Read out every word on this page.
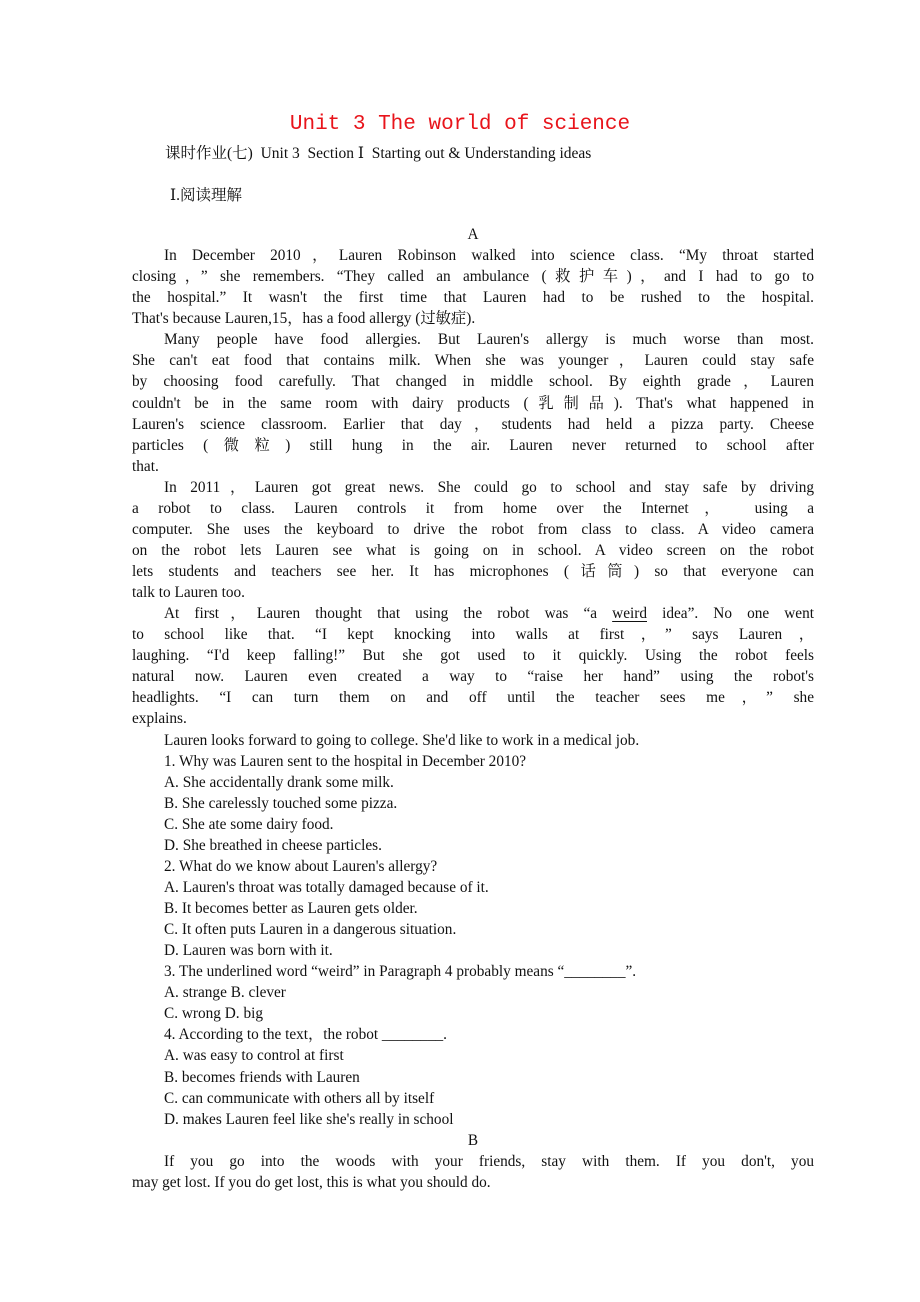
Unit 3 The world of science
课时作业(七)  Unit 3  Section Ⅰ  Starting out & Understanding ideas
Ⅰ.阅读理解
A
In December 2010，Lauren Robinson walked into science class. “My throat started
closing，” she remembers. “They called an ambulance (救护车)，and I had to go to
the hospital.” It wasn't the first time that Lauren had to be rushed to the hospital.
That's because Lauren,15，has a food allergy (过敏症).
Many people have food allergies. But Lauren's allergy is much worse than most.
She can't eat food that contains milk. When she was younger，Lauren could stay safe
by choosing food carefully. That changed in middle school. By eighth grade，Lauren
couldn't be in the same room with dairy products (乳制品). That's what happened in
Lauren's science classroom. Earlier that day，students had held a pizza party. Cheese
particles (微粒) still hung in the air. Lauren never returned to school after
that.
In 2011，Lauren got great news. She could go to school and stay safe by driving
a robot to class. Lauren controls it from home over the Internet， using a
computer. She uses the keyboard to drive the robot from class to class. A video camera
on the robot lets Lauren see what is going on in school. A video screen on the robot
lets students and teachers see her. It has microphones (话筒) so that everyone can
talk to Lauren too.
At first，Lauren thought that using the robot was “a weird idea”. No one went
to school like that. “I kept knocking into walls at first，” says Lauren，
laughing. “I'd keep falling!” But she got used to it quickly. Using the robot feels
natural now. Lauren even created a way to “raise her hand” using the robot's
headlights. “I can turn them on and off until the teacher sees me，” she
explains.
Lauren looks forward to going to college. She'd like to work in a medical job.
1. Why was Lauren sent to the hospital in December 2010?
A. She accidentally drank some milk.
B. She carelessly touched some pizza.
C. She ate some dairy food.
D. She breathed in cheese particles.
2. What do we know about Lauren's allergy?
A. Lauren's throat was totally damaged because of it.
B. It becomes better as Lauren gets older.
C. It often puts Lauren in a dangerous situation.
D. Lauren was born with it.
3. The underlined word “weird” in Paragraph 4 probably means “________”.
A. strange B. clever
C. wrong D. big
4. According to the text，the robot ________.
A. was easy to control at first
B. becomes friends with Lauren
C. can communicate with others all by itself
D. makes Lauren feel like she's really in school
B
If you go into the woods with your friends, stay with them. If you don't, you
may get lost. If you do get lost, this is what you should do.
